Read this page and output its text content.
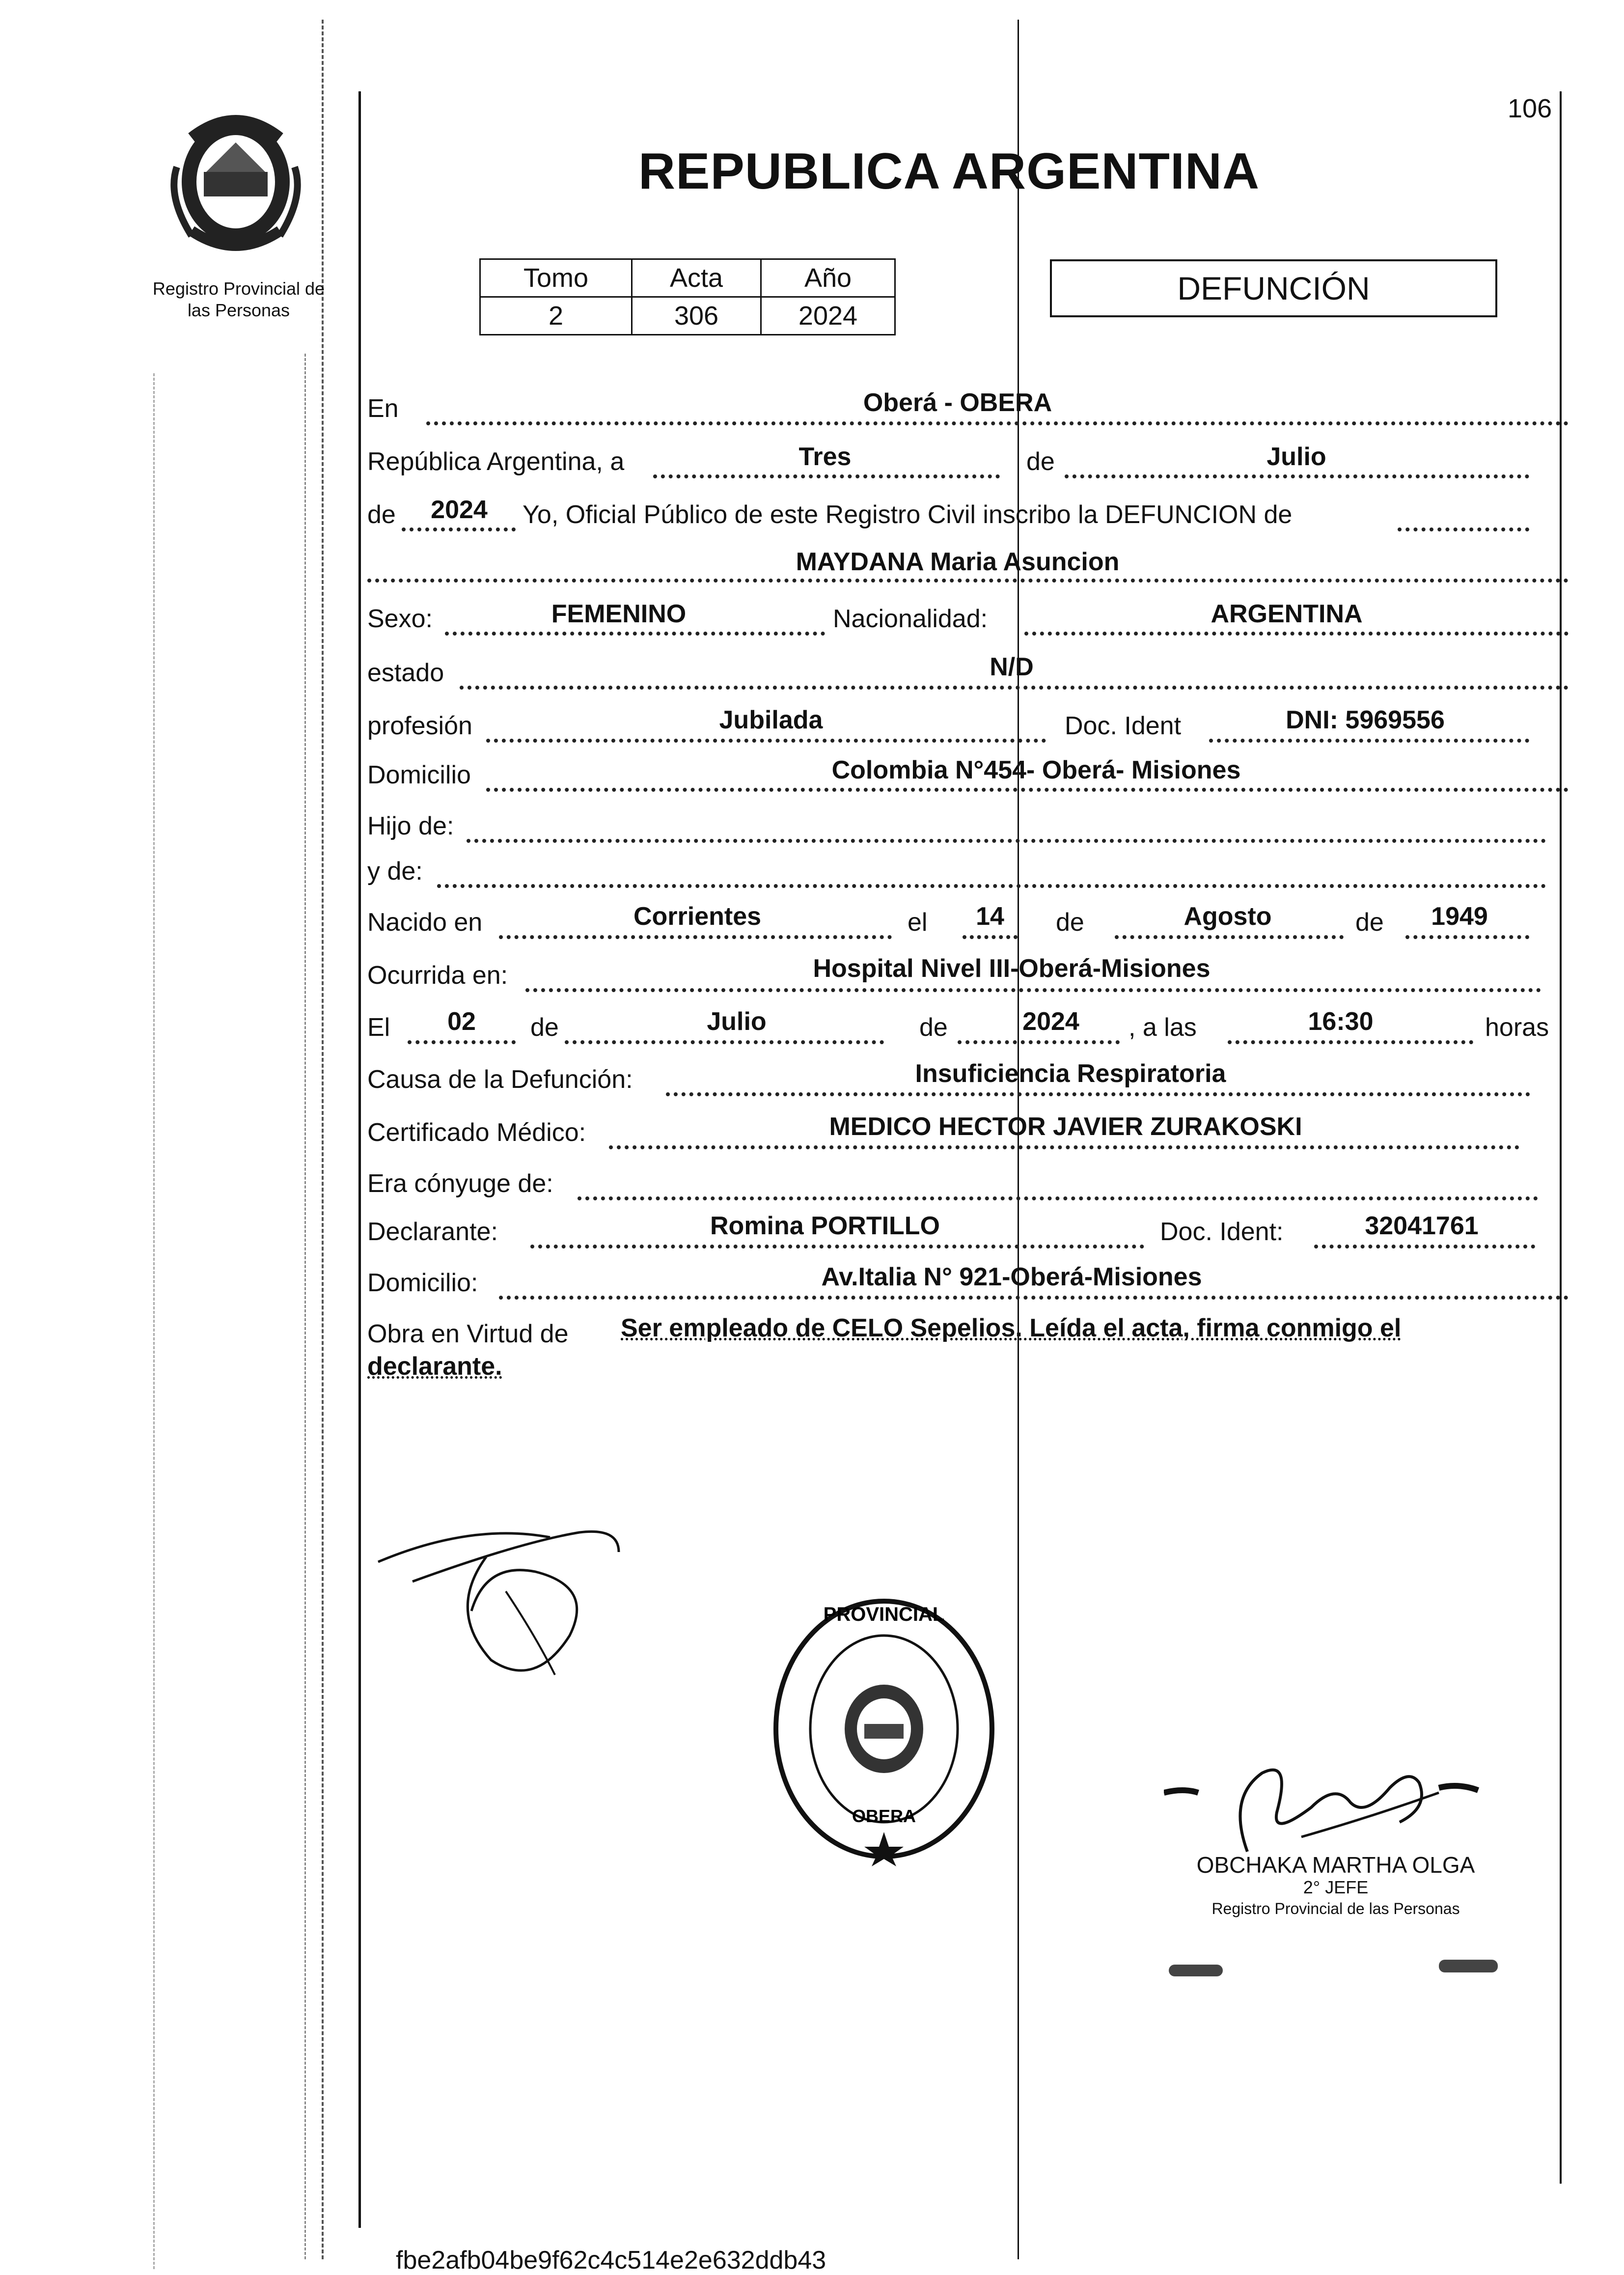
Registro Provincial de
las Personas
106
REPUBLICA ARGENTINA
Tomo	Acta	Año
2	306	2024
DEFUNCIÓN
En	Oberá - OBERA
República Argentina, a	Tres	de	Julio
de	2024	Yo, Oficial Público de este Registro Civil inscribo la DEFUNCION de
MAYDANA Maria Asuncion
Sexo:	FEMENINO	Nacionalidad:	ARGENTINA
estado	N/D
profesión	Jubilada	Doc. Ident	DNI: 5969556
Domicilio	Colombia N°454- Oberá- Misiones
Hijo de:
y de:
Nacido en	Corrientes	el	14	de	Agosto	de	1949
Ocurrida en:	Hospital Nivel III-Oberá-Misiones
El	02	de	Julio	de	2024	, a las	16:30	horas
Causa de la Defunción:	Insuficiencia Respiratoria
Certificado Médico:	MEDICO HECTOR JAVIER ZURAKOSKI
Era cónyuge de:
Declarante:	Romina PORTILLO	Doc. Ident:	32041761
Domicilio:	Av.Italia N° 921-Oberá-Misiones
Obra en Virtud de Ser empleado de CELO Sepelios. Leída el acta, firma conmigo el
declarante.
PROVINCIAL
OBERA
OBCHAKA MARTHA OLGA
2° JEFE
Registro Provincial de las Personas
fbe2afb04be9f62c4c514e2e632ddb43
